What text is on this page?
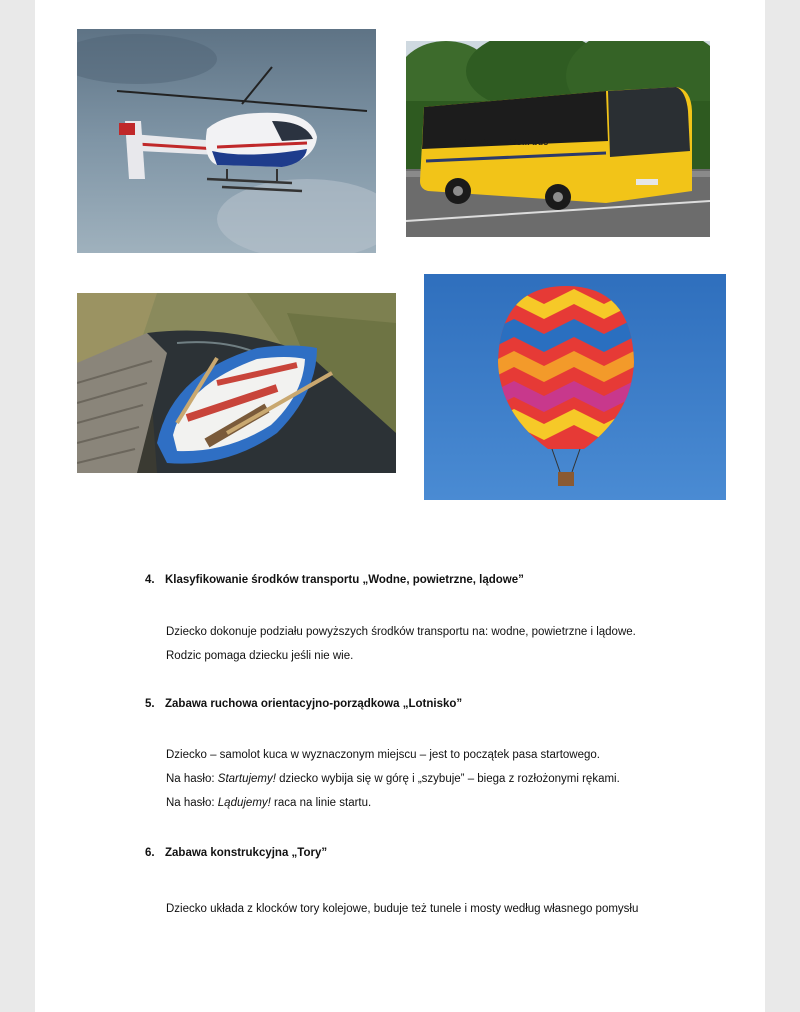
TRANSCENTRUM bus
4. Klasyfikowanie środków transportu „Wodne, powietrzne, lądowe”
Dziecko dokonuje podziału powyższych środków transportu na: wodne, powietrzne i lądowe.
Rodzic pomaga dziecku jeśli nie wie.
5. Zabawa ruchowa orientacyjno-porządkowa „Lotnisko”
Dziecko – samolot kuca w wyznaczonym miejscu – jest to początek pasa startowego.
Na hasło: Startujemy! dziecko wybija się w górę i „szybuje” – biega z rozłożonymi rękami.
Na hasło: Lądujemy! raca na linie startu.
6. Zabawa konstrukcyjna „Tory”
Dziecko układa z klocków tory kolejowe, buduje też tunele i mosty według własnego pomysłu
